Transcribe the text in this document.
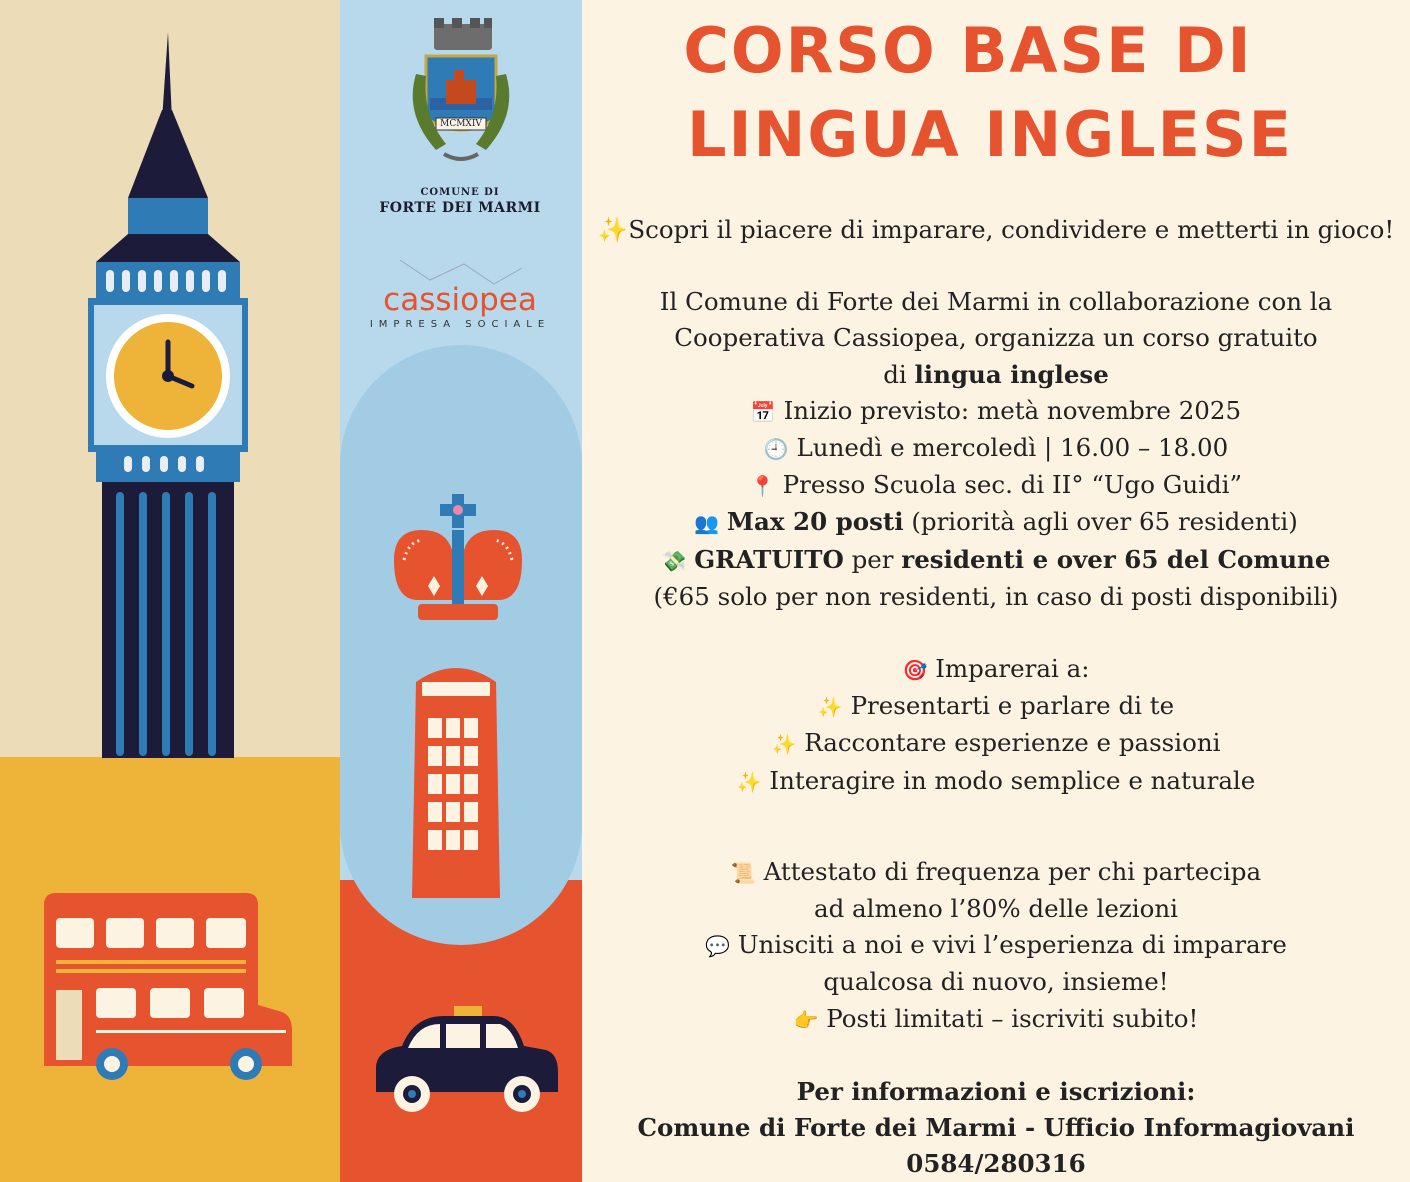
MCMXIV
COMUNE DI
FORTE DEI MARMI
cassiopea
IMPRESA SOCIALE
CORSO BASE DI
LINGUA INGLESE

✨Scopri il piacere di imparare, condividere e metterti in gioco!

Il Comune di Forte dei Marmi in collaborazione con la

Cooperativa Cassiopea, organizza un corso gratuito

di lingua inglese

📅 Inizio previsto: metà novembre 2025

🕘 Lunedì e mercoledì | 16.00 – 18.00

📍 Presso Scuola sec. di II° “Ugo Guidi”

👥 Max 20 posti (priorità agli over 65 residenti)

💸 GRATUITO per residenti e over 65 del Comune

(€65 solo per non residenti, in caso di posti disponibili)

🎯 Imparerai a:

✨ Presentarti e parlare di te

✨ Raccontare esperienze e passioni

✨ Interagire in modo semplice e naturale

📜 Attestato di frequenza per chi partecipa

ad almeno l’80% delle lezioni

💬 Unisciti a noi e vivi l’esperienza di imparare

qualcosa di nuovo, insieme!

👉 Posti limitati – iscriviti subito!

Per informazioni e iscrizioni:

Comune di Forte dei Marmi - Ufficio Informagiovani

0584/280316
